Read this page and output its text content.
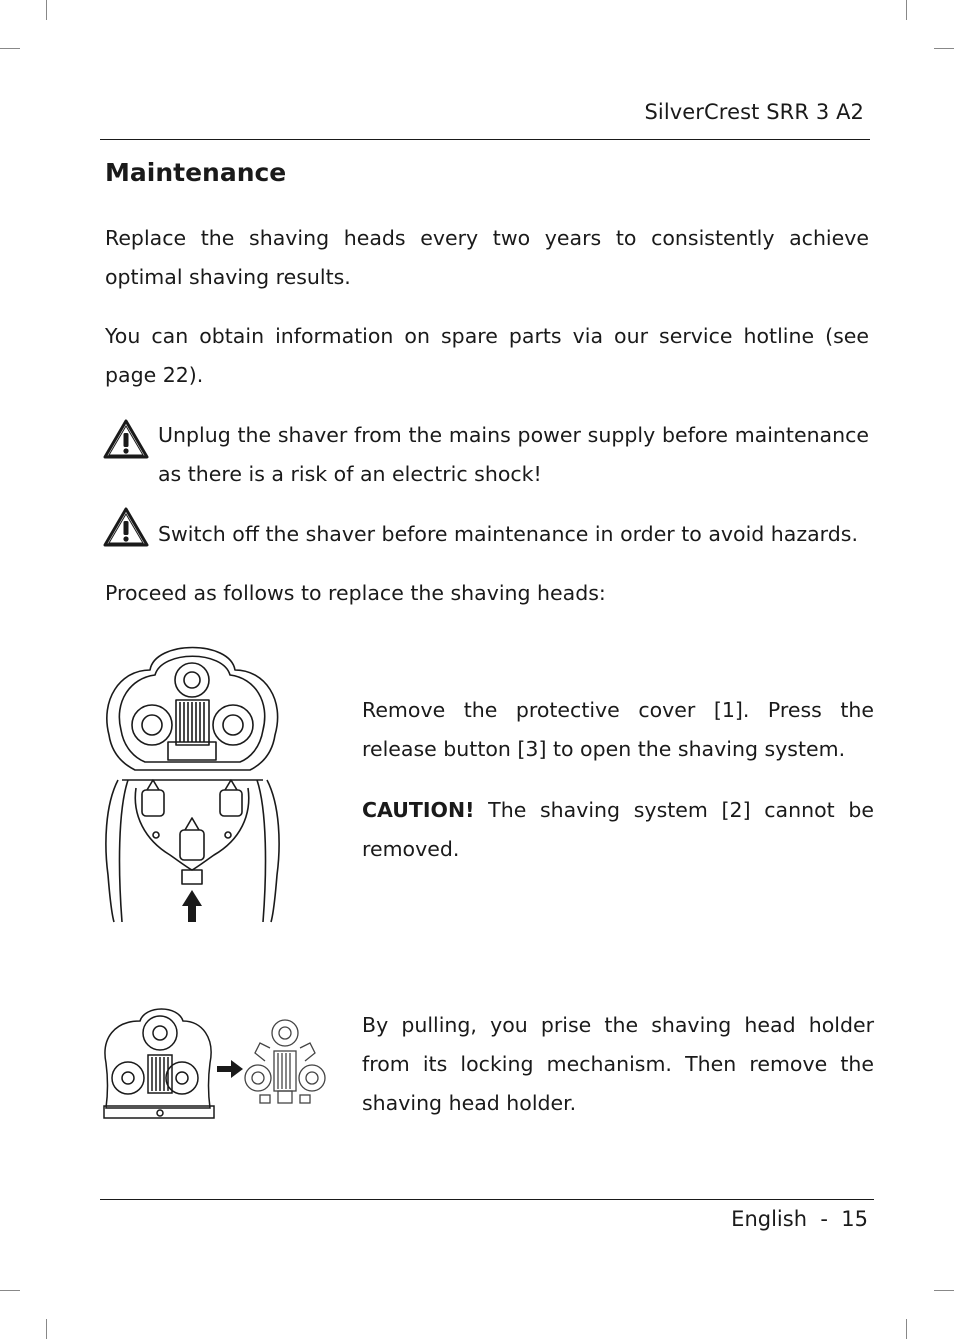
SilverCrest SRR 3 A2
Maintenance
Replace the shaving heads every two years to consistently achieve optimal shaving results.
You can obtain information on spare parts via our service hotline (see page 22).
Unplug the shaver from the mains power supply before maintenance as there is a risk of an electric shock!
Switch off the shaver before maintenance in order to avoid hazards.
Proceed as follows to replace the shaving heads:
Remove the protective cover [1]. Press the release button [3] to open the shaving system.
CAUTION! The shaving system [2] cannot be removed.
By pulling, you prise the shaving head holder from its locking mechanism. Then remove the shaving head holder.
English  -  15
